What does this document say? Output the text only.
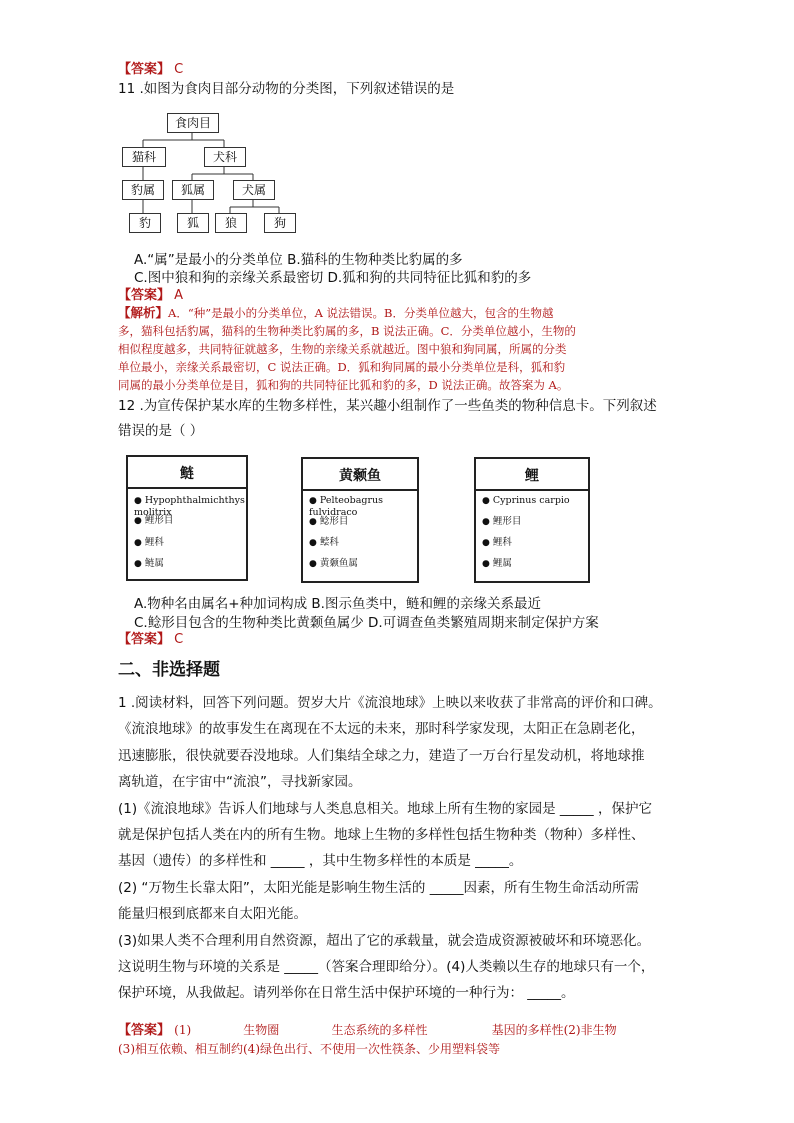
【答案】 C
11 .如图为食肉目部分动物的分类图，下列叙述错误的是
食肉目
猫科	犬科
豹属	狐属	犬属
豹	狐	狼	狗
A.“属”是最小的分类单位 B.猫科的生物种类比豹属的多
C.图中狼和狗的亲缘关系最密切 D.狐和狗的共同特征比狐和豹的多
【答案】 A
【解析】A．“种”是最小的分类单位，A 说法错误。B．分类单位越大，包含的生物越
多，猫科包括豹属，猫科的生物种类比豹属的多，B 说法正确。C．分类单位越小，生物的
相似程度越多，共同特征就越多，生物的亲缘关系就越近。图中狼和狗同属，所属的分类
单位最小，亲缘关系最密切，C 说法正确。D．狐和狗同属的最小分类单位是科，狐和豹
同属的最小分类单位是目，狐和狗的共同特征比狐和豹的多，D 说法正确。故答案为 A。
12 .为宣传保护某水库的生物多样性，某兴趣小组制作了一些鱼类的物种信息卡。下列叙述
错误的是（ ）
鲢
● Hypophthalmichthys molitrix
● 鲤形目
● 鲤科
● 鲢属
黄颡鱼
● Pelteobagrus fulvidraco
● 鲶形目
● 鲿科
● 黄颡鱼属
鲤
● Cyprinus carpio
● 鲤形目
● 鲤科
● 鲤属
A.物种名由属名+种加词构成 B.图示鱼类中，鲢和鲤的亲缘关系最近
C.鲶形目包含的生物种类比黄颡鱼属少 D.可调查鱼类繁殖周期来制定保护方案
【答案】 C
二、非选择题
1 .阅读材料，回答下列问题。贺岁大片《流浪地球》上映以来收获了非常高的评价和口碑。
《流浪地球》的故事发生在离现在不太远的未来，那时科学家发现，太阳正在急剧老化，
迅速膨胀，很快就要吞没地球。人们集结全球之力，建造了一万台行星发动机，将地球推
离轨道，在宇宙中“流浪”，寻找新家园。
(1)《流浪地球》告诉人们地球与人类息息相关。地球上所有生物的家园是 _____ ，保护它
就是保护包括人类在内的所有生物。地球上生物的多样性包括生物种类（物种）多样性、
基因（遗传）的多样性和 _____ ，其中生物多样性的本质是 _____。
(2) “万物生长靠太阳”，太阳光能是影响生物生活的 _____因素，所有生物生命活动所需
能量归根到底都来自太阳光能。
(3)如果人类不合理利用自然资源，超出了它的承载量，就会造成资源被破坏和环境恶化。
这说明生物与环境的关系是 _____（答案合理即给分）。(4)人类赖以生存的地球只有一个，
保护环境，从我做起。请列举你在日常生活中保护环境的一种行为： _____。
【答案】 (1)	生物圈	生态系统的多样性	基因的多样性(2)非生物
(3)相互依赖、相互制约(4)绿色出行、不使用一次性筷条、少用塑料袋等
